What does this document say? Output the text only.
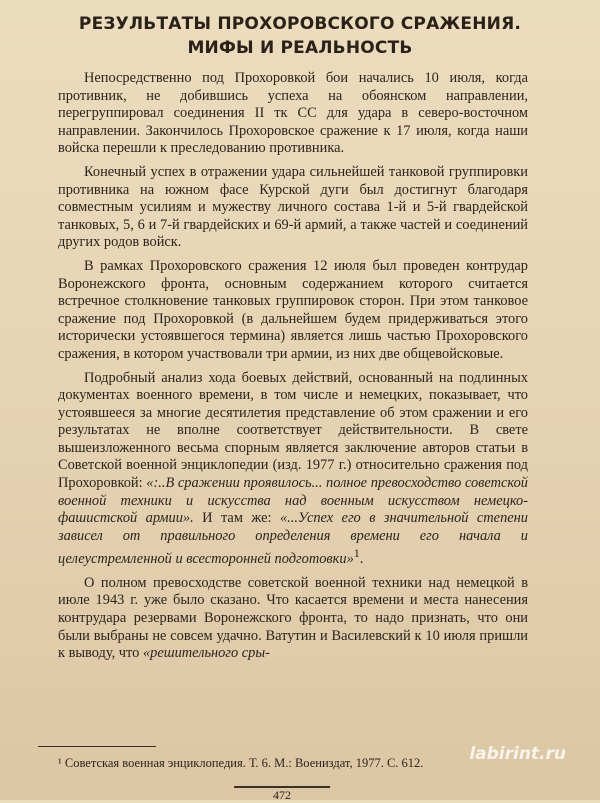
РЕЗУЛЬТАТЫ ПРОХОРОВСКОГО СРАЖЕНИЯ.
МИФЫ И РЕАЛЬНОСТЬ

Непосредственно под Прохоровкой бои начались 10 июля, когда противник, не добившись успеха на обоянском направлении, перегруппировал соединения II тк СС для удара в северо-восточном направлении. Закончилось Прохоровское сражение к 17 июля, когда наши войска перешли к преследованию противника.

Конечный успех в отражении удара сильнейшей танковой группировки противника на южном фасе Курской дуги был достигнут благодаря совместным усилиям и мужеству личного состава 1-й и 5-й гвардейской танковых, 5, 6 и 7-й гвардейских и 69-й армий, а также частей и соединений других родов войск.

В рамках Прохоровского сражения 12 июля был проведен контрудар Воронежского фронта, основным содержанием которого считается встречное столкновение танковых группировок сторон. При этом танковое сражение под Прохоровкой (в дальнейшем будем придерживаться этого исторически устоявшегося термина) является лишь частью Прохоровского сражения, в котором участвовали три армии, из них две общевойсковые.

Подробный анализ хода боевых действий, основанный на подлинных документах военного времени, в том числе и немецких, показывает, что устоявшееся за многие десятилетия представление об этом сражении и его результатах не вполне соответствует действительности. В свете вышеизложенного весьма спорным является заключение авторов статьи в Советской военной энциклопедии (изд. 1977 г.) относительно сражения под Прохоровкой: «:..В сражении проявилось... полное превосходство советской военной техники и искусства над военным искусством немецко-фашистской армии». И там же: «...Успех его в значительной степени зависел от правильного определения времени его начала и целеустремленной и всесторонней подготовки»$^1$.

О полном превосходстве советской военной техники над немецкой в июле 1943 г. уже было сказано. Что касается времени и места нанесения контрудара резервами Воронежского фронта, то надо признать, что они были выбраны не совсем удачно. Ватутин и Василевский к 10 июля пришли к выводу, что «решительного сры-

¹ Советская военная энциклопедия. Т. 6. М.: Воениздат, 1977. С. 612.	labirint.ru
472
